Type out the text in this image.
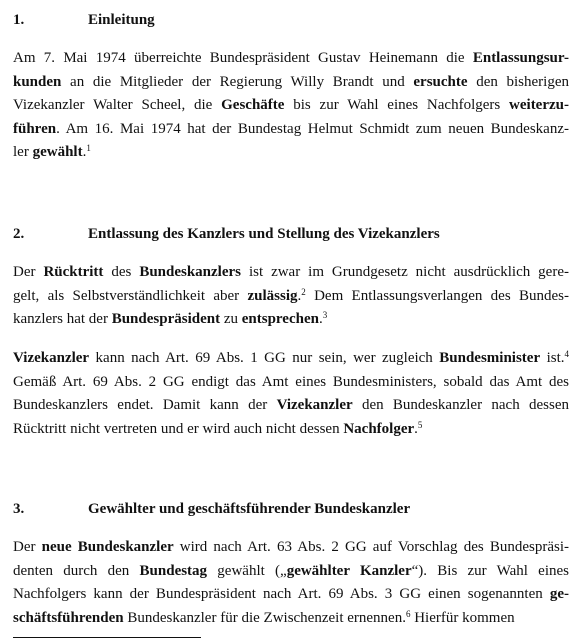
1.	Einleitung
Am 7. Mai 1974 überreichte Bundespräsident Gustav Heinemann die Entlassungsur-
kunden an die Mitglieder der Regierung Willy Brandt und ersuchte den bisherigen
Vizekanzler Walter Scheel, die Geschäfte bis zur Wahl eines Nachfolgers weiterzu-
führen. Am 16. Mai 1974 hat der Bundestag Helmut Schmidt zum neuen Bundeskanz-
ler gewählt.$^1$
2.	Entlassung des Kanzlers und Stellung des Vizekanzlers
Der Rücktritt des Bundeskanzlers ist zwar im Grundgesetz nicht ausdrücklich gere-
gelt, als Selbstverständlichkeit aber zulässig.$^2$ Dem Entlassungsverlangen des Bundes-
kanzlers hat der Bundespräsident zu entsprechen.$^3$
Vizekanzler kann nach Art. 69 Abs. 1 GG nur sein, wer zugleich Bundesminister ist.$^4$
Gemäß Art. 69 Abs. 2 GG endigt das Amt eines Bundesministers, sobald das Amt des
Bundeskanzlers endet. Damit kann der Vizekanzler den Bundeskanzler nach dessen
Rücktritt nicht vertreten und er wird auch nicht dessen Nachfolger.$^5$
3.	Gewählter und geschäftsführender Bundeskanzler
Der neue Bundeskanzler wird nach Art. 63 Abs. 2 GG auf Vorschlag des Bundespräsi-
denten durch den Bundestag gewählt („gewählter Kanzler“). Bis zur Wahl eines
Nachfolgers kann der Bundespräsident nach Art. 69 Abs. 3 GG einen sogenannten ge-
schäftsführenden Bundeskanzler für die Zwischenzeit ernennen.$^6$ Hierfür kommen
